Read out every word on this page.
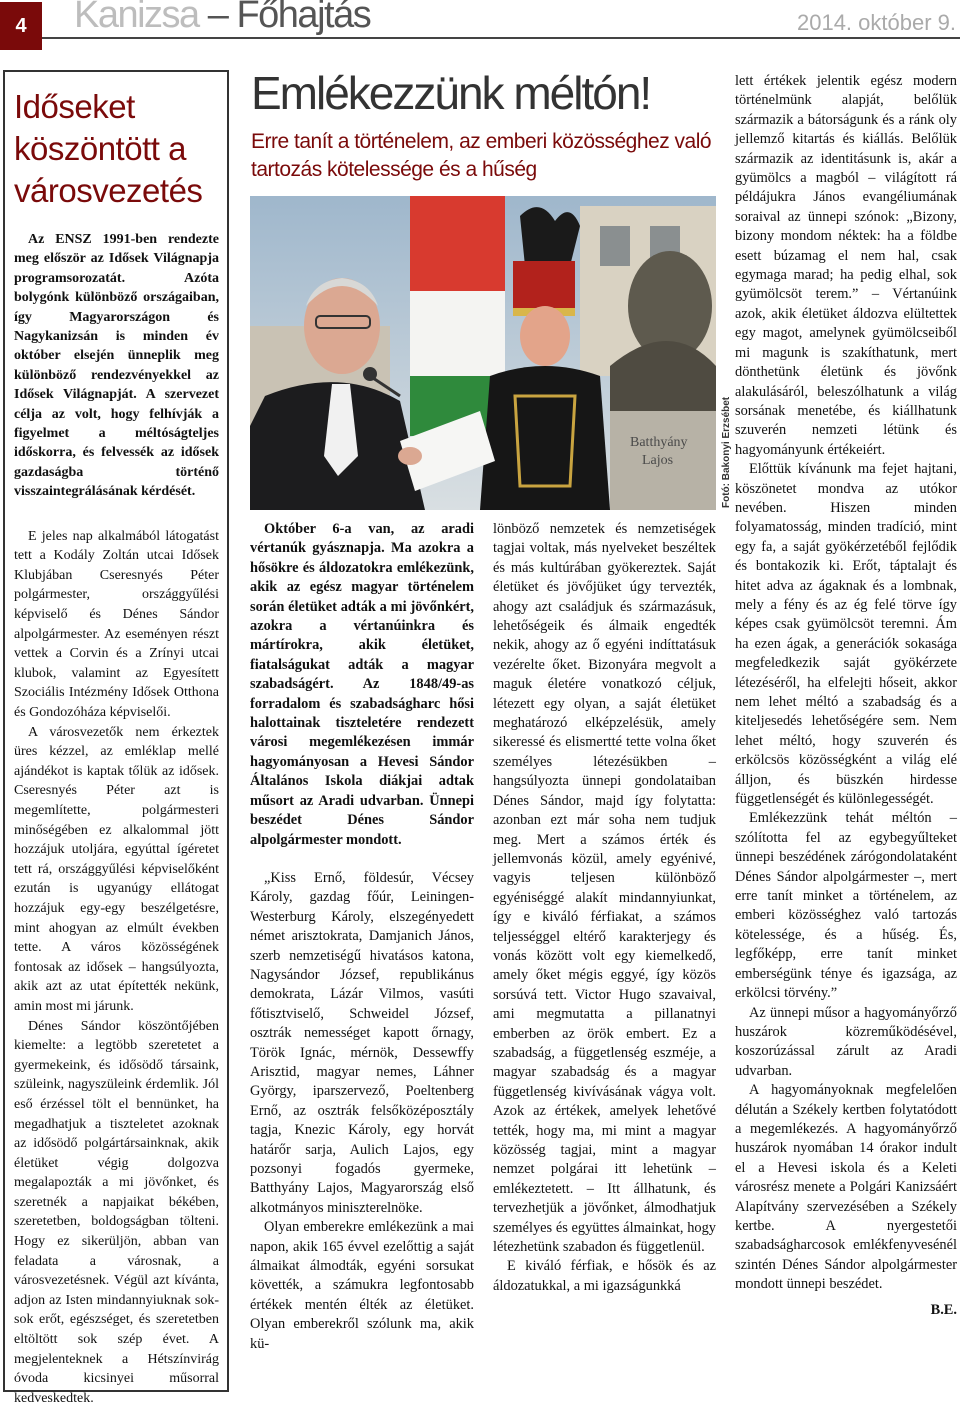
4	Kanizsa – Főhajtás	2014. október 9.
Időseket
köszöntött a
városvezetés

Az ENSZ 1991-ben rendezte meg először az Idősek Világnapja programsorozatát. Azóta bolygónk különböző országaiban, így Magyarországon és Nagykanizsán is minden év október elsején ünneplik meg különböző rendezvényekkel az Idősek Világnapját. A szervezet célja az volt, hogy felhívják a figyelmet a méltóságteljes időskorra, és felvessék az idősek gazdaságba történő visszaintegrálásának kérdését.

E jeles nap alkalmából látogatást tett a Kodály Zoltán utcai Idősek Klubjában Cseresnyés Péter polgármester, országgyűlési képviselő és Dénes Sándor alpolgármester. Az eseményen részt vettek a Corvin és a Zrínyi utcai klubok, valamint az Egyesített Szociális Intézmény Idősek Otthona és Gondozóháza képviselői.

A városvezetők nem érkeztek üres kézzel, az emléklap mellé ajándékot is kaptak tőlük az idősek. Cseresnyés Péter azt is megemlítette, polgármesteri minőségében ez alkalommal jött hozzájuk utoljára, egyúttal ígéretet tett rá, országgyűlési képviselőként ezután is ugyanúgy ellátogat hozzájuk egy-egy beszélgetésre, mint ahogyan az elmúlt években tette. A város közösségének fontosak az idősek – hangsúlyozta, akik azt az utat építették nekünk, amin most mi járunk.

Dénes Sándor köszöntőjében kiemelte: a legtöbb szeretetet a gyermekeink, és idősödő társaink, szüleink, nagyszüleink érdemlik. Jól eső érzéssel tölt el bennünket, ha megadhatjuk a tiszteletet azoknak az idősödő polgártársainknak, akik életüket végig dolgozva megalapozták a mi jövőnket, és szeretnék a napjaikat békében, szeretetben, boldogságban tölteni. Hogy ez sikerüljön, abban van feladata a városnak, a városvezetésnek. Végül azt kívánta, adjon az Isten mindannyiuknak sok-sok erőt, egészséget, és szeretetben eltöltött sok szép évet. A megjelenteknek a Hétszínvirág óvoda kicsinyei műsorral kedveskedtek.

Emlékezzünk méltón!
Erre tanít a történelem, az emberi közösséghez való tartozás kötelessége és a hűség
Batthyány
Lajos	Fotó: Bakonyi Erzsébet

Október 6-a van, az aradi vértanúk gyásznapja. Ma azokra a hősökre és áldozatokra emlékezünk, akik az egész magyar történelem során életüket adták a mi jövőnkért, azokra a vértanúinkra és mártírokra, akik életüket, fiatalságukat adták a magyar szabadságért. Az 1848/49-as forradalom és szabadságharc hősi halottainak tiszteletére rendezett városi megemlékezésen immár hagyományosan a Hevesi Sándor Általános Iskola diákjai adtak műsort az Aradi udvarban. Ünnepi beszédet Dénes Sándor alpolgármester mondott.

„Kiss Ernő, földesúr, Vécsey Károly, gazdag főúr, Leiningen-Westerburg Károly, elszegényedett német arisztokrata, Damjanich János, szerb nemzetiségű hivatásos katona, Nagysándor József, republikánus demokrata, Lázár Vilmos, vasúti főtisztviselő, Schweidel József, osztrák nemességet kapott őrnagy, Török Ignác, mérnök, Dessewffy Arisztid, magyar nemes, Láhner György, iparszervező, Poeltenberg Ernő, az osztrák felsőközéposztály tagja, Knezic Károly, egy horvát határőr sarja, Aulich Lajos, egy pozsonyi fogadós gyermeke, Batthyány Lajos, Magyarország első alkotmányos miniszterelnöke.

Olyan emberekre emlékezünk a mai napon, akik 165 évvel ezelőttig a saját álmaikat álmodták, egyéni sorsukat követték, a számukra legfontosabb értékek mentén élték az életüket. Olyan emberekről szólunk ma, akik kü-

lönböző nemzetek és nemzetiségek tagjai voltak, más nyelveket beszéltek és más kultúrában gyökereztek. Saját életüket és jövőjüket úgy tervezték, ahogy azt családjuk és származásuk, lehetőségeik és álmaik engedték nekik, ahogy az ő egyéni indíttatásuk vezérelte őket. Bizonyára megvolt a maguk életére vonatkozó céljuk, létezett egy olyan, a saját életüket meghatározó elképzelésük, amely sikeressé és elismertté tette volna őket személyes létezésükben – hangsúlyozta ünnepi gondolataiban Dénes Sándor, majd így folytatta: azonban ezt már soha nem tudjuk meg. Mert a számos érték és jellemvonás közül, amely egyénivé, vagyis teljesen különböző egyéniséggé alakít mindannyiunkat, így e kiváló férfiakat, a számos teljességgel eltérő karakterjegy és vonás között volt egy kiemelkedő, amely őket mégis eggyé, így közös sorsúvá tett. Victor Hugo szavaival, ami megmutatta a pillanatnyi emberben az örök embert. Ez a szabadság, a függetlenség eszméje, a magyar szabadság és a magyar függetlenség kivívásának vágya volt. Azok az értékek, amelyek lehetővé tették, hogy ma, mi mint a magyar közösség tagjai, mint a magyar nemzet polgárai itt lehetünk – emlékeztetett. – Itt állhatunk, és tervezhetjük a jövőnket, álmodhatjuk személyes és együttes álmainkat, hogy létezhetünk szabadon és függetlenül.

E kiváló férfiak, e hősök és az áldozatukkal, a mi igazságunkká

lett értékek jelentik egész modern történelmünk alapját, belőlük származik a bátorságunk és a ránk oly jellemző kitartás és kiállás. Belőlük származik az identitásunk is, akár a gyümölcs a magból – világított rá példájukra János evangéliumának soraival az ünnepi szónok: „Bizony, bizony mondom néktek: ha a földbe esett búzamag el nem hal, csak egymaga marad; ha pedig elhal, sok gyümölcsöt terem.” – Vértanúink azok, akik életüket áldozva elültettek egy magot, amelynek gyümölcseiből mi magunk is szakíthatunk, mert dönthetünk életünk és jövőnk alakulásáról, beleszólhatunk a világ sorsának menetébe, és kiállhatunk szuverén nemzeti létünk és hagyományunk értékeiért.

Előttük kívánunk ma fejet hajtani, köszönetet mondva az utókor nevében. Hiszen minden folyamatosság, minden tradíció, mint egy fa, a saját gyökérzetéből fejlődik és bontakozik ki. Erőt, táptalajt és hitet adva az ágaknak és a lombnak, mely a fény és az ég felé törve így képes csak gyümölcsöt teremni. Ám ha ezen ágak, a generációk sokasága megfeledkezik saját gyökérzete létezéséről, ha elfelejti hőseit, akkor nem lehet méltó a szabadság és a kiteljesedés lehetőségére sem. Nem lehet méltó, hogy szuverén és erkölcsös közösségként a világ elé álljon, és büszkén hirdesse függetlenségét és különlegességét.

Emlékezzünk tehát méltón – szólította fel az egybegyűlteket ünnepi beszédének zárógondolataként Dénes Sándor alpolgármester –, mert erre tanít minket a történelem, az emberi közösséghez való tartozás kötelessége, és a hűség. És, legfőképp, erre tanít minket emberségünk ténye és igazsága, az erkölcsi törvény.”

Az ünnepi műsor a hagyományőrző huszárok közreműködésével, koszorúzással zárult az Aradi udvarban.

A hagyományoknak megfelelően délután a Székely kertben folytatódott a megemlékezés. A hagyományőrző huszárok nyomában 14 órakor indult el a Hevesi iskola és a Keleti városrész menete a Polgári Kanizsáért Alapítvány szervezésében a Székely kertbe. A nyergestetői szabadságharcosok emlékfenyvesénél szintén Dénes Sándor alpolgármester mondott ünnepi beszédet.

B.E.
